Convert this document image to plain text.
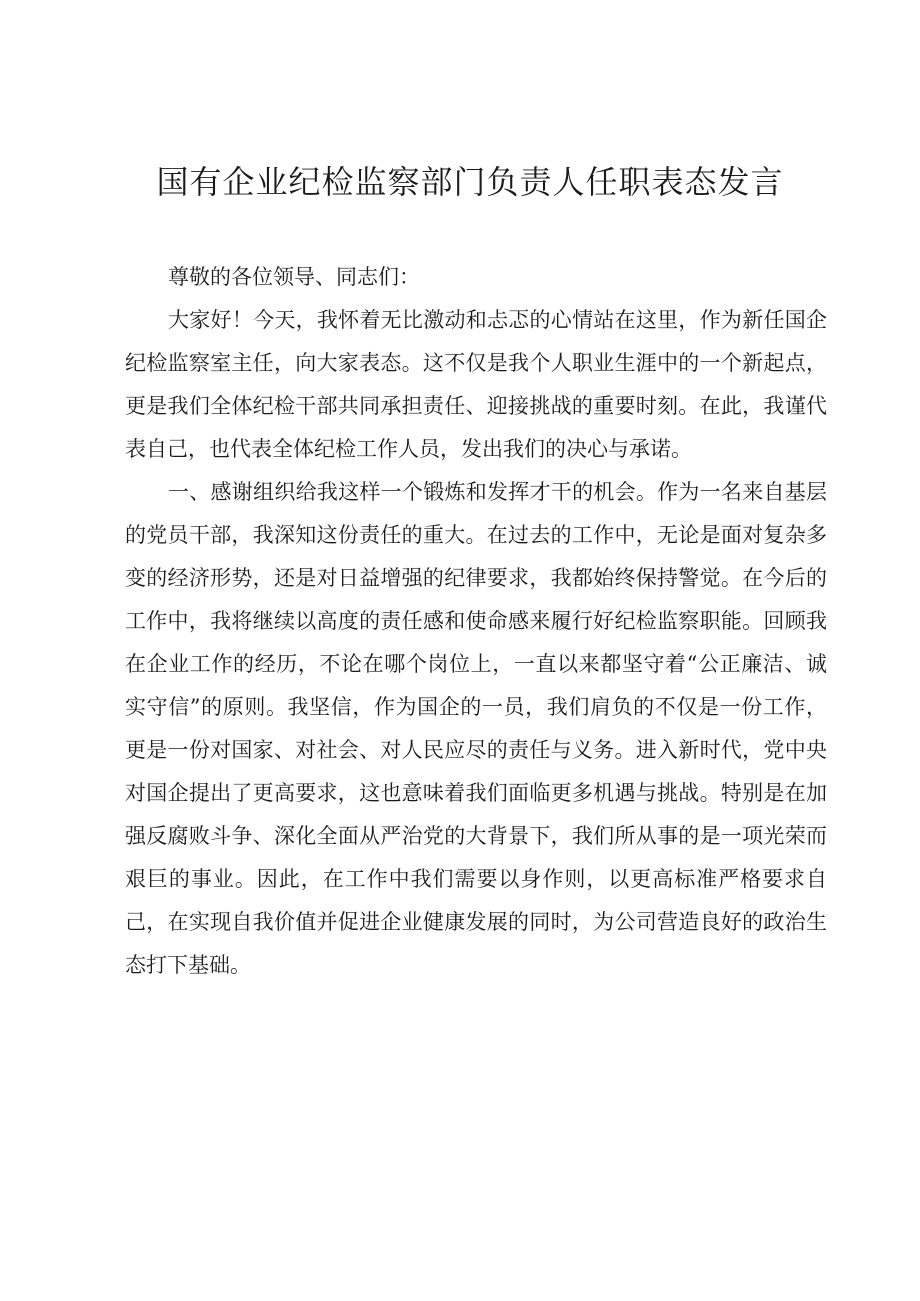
国有企业纪检监察部门负责人任职表态发言

尊敬的各位领导、同志们：

大家好！今天，我怀着无比激动和忐忑的心情站在这里，作为新任国企纪检监察室主任，向大家表态。这不仅是我个人职业生涯中的一个新起点，更是我们全体纪检干部共同承担责任、迎接挑战的重要时刻。在此，我谨代表自己，也代表全体纪检工作人员，发出我们的决心与承诺。

一、感谢组织给我这样一个锻炼和发挥才干的机会。作为一名来自基层的党员干部，我深知这份责任的重大。在过去的工作中，无论是面对复杂多变的经济形势，还是对日益增强的纪律要求，我都始终保持警觉。在今后的工作中，我将继续以高度的责任感和使命感来履行好纪检监察职能。回顾我在企业工作的经历，不论在哪个岗位上，一直以来都坚守着“公正廉洁、诚实守信”的原则。我坚信，作为国企的一员，我们肩负的不仅是一份工作，更是一份对国家、对社会、对人民应尽的责任与义务。进入新时代，党中央对国企提出了更高要求，这也意味着我们面临更多机遇与挑战。特别是在加强反腐败斗争、深化全面从严治党的大背景下，我们所从事的是一项光荣而艰巨的事业。因此，在工作中我们需要以身作则，以更高标准严格要求自己，在实现自我价值并促进企业健康发展的同时，为公司营造良好的政治生态打下基础。
